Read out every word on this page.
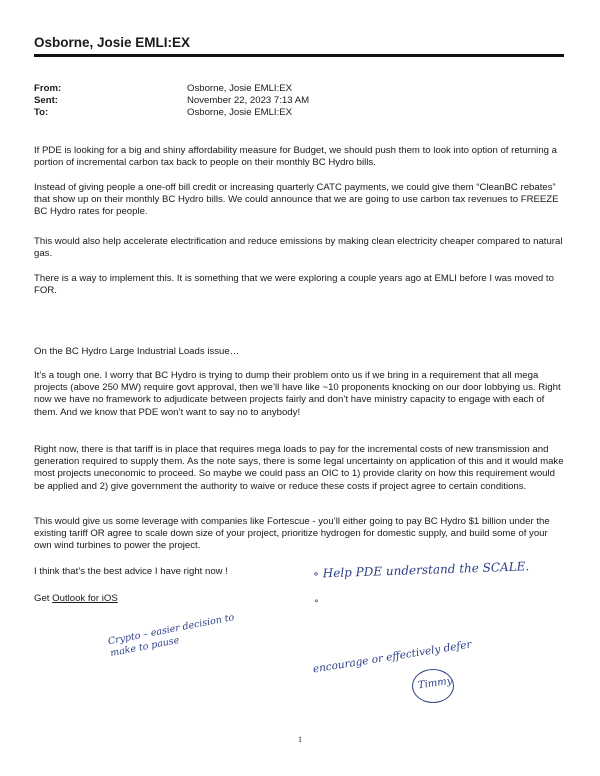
Osborne, Josie EMLI:EX
From:	Osborne, Josie EMLI:EX
Sent:	November 22, 2023 7:13 AM
To:	Osborne, Josie EMLI:EX

If PDE is looking for a big and shiny affordability measure for Budget, we should push them to look into option of returning a portion of incremental carbon tax back to people on their monthly BC Hydro bills.

Instead of giving people a one-off bill credit or increasing quarterly CATC payments, we could give them “CleanBC rebates” that show up on their monthly BC Hydro bills. We could announce that we are going to use carbon tax revenues to FREEZE BC Hydro rates for people.

This would also help accelerate electrification and reduce emissions by making clean electricity cheaper compared to natural gas.

There is a way to implement this. It is something that we were exploring a couple years ago at EMLI before I was moved to FOR.

On the BC Hydro Large Industrial Loads issue…

It’s a tough one. I worry that BC Hydro is trying to dump their problem onto us if we bring in a requirement that all mega projects (above 250 MW) require govt approval, then we’ll have like ~10 proponents knocking on our door lobbying us. Right now we have no framework to adjudicate between projects fairly and don’t have ministry capacity to engage with each of them. And we know that PDE won’t want to say no to anybody!

Right now, there is that tariff is in place that requires mega loads to pay for the incremental costs of new transmission and generation required to supply them. As the note says, there is some legal uncertainty on application of this and it would make most projects uneconomic to proceed. So maybe we could pass an OIC to 1) provide clarity on how this requirement would be applied and 2) give government the authority to waive or reduce these costs if project agree to certain conditions.

This would give us some leverage with companies like Fortescue - you’ll either going to pay BC Hydro $1 billion under the existing tariff OR agree to scale down size of your project, prioritize hydrogen for domestic supply, and build some of your own wind turbines to power the project.

I think that’s the best advice I have right now !

Get Outlook for iOS
∘ Help PDE understand the SCALE.
∘
Crypto – easier decision to make to pause	encourage or effectively defer
Timmy
1
